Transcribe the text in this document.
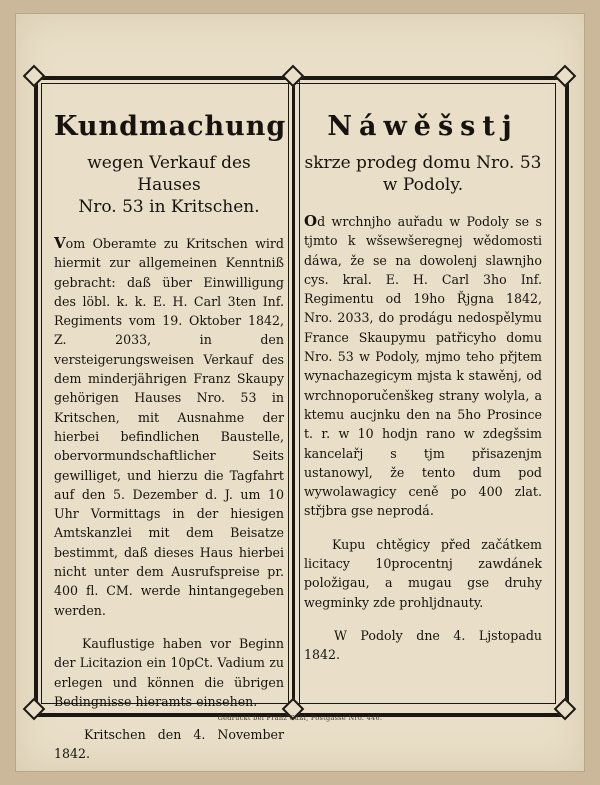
Kundmachung
wegen Verkauf des Hauses
Nro. 53 in Kritschen.

Vom Oberamte zu Kritschen wird hiermit zur allgemeinen Kenntniß gebracht: daß über Einwilligung des löbl. k. k. E. H. Carl 3ten Inf. Regiments vom 19. Oktober 1842, Z. 2033, in den versteigerungsweisen Verkauf des dem minderjährigen Franz Skaupy gehörigen Hauses Nro. 53 in Kritschen, mit Ausnahme der hierbei befindlichen Baustelle, obervormundschaftlicher Seits gewilliget, und hierzu die Tagfahrt auf den 5. Dezember d. J. um 10 Uhr Vormittags in der hiesigen Amtskanzlei mit dem Beisatze bestimmt, daß dieses Haus hierbei nicht unter dem Ausrufspreise pr. 400 fl. CM. werde hintangegeben werden.

Kauflustige haben vor Beginn der Licitazion ein 10pCt. Vadium zu erlegen und können die übrigen Bedingnisse hieramts einsehen.

Kritschen den 4. November 1842.

Náwěšstj
skrze prodeg domu Nro. 53
w Podoly.

Od wrchnjho auřadu w Podoly se s tjmto k wšsewšeregnej wědomosti dáwa, že se na dowolenj slawnjho cys. kral. E. H. Carl 3ho Inf. Regimentu od 19ho Řjgna 1842, Nro. 2033, do prodágu nedospělymu France Skaupymu patřicyho domu Nro. 53 w Podoly, mjmo teho přjtem wynachazegicym mjsta k stawěnj, od wrchnoporučenškeg strany wolyla, a ktemu aucjnku den na 5ho Prosince t. r. w 10 hodjn rano w zdegšsim kancelařj s tjm přisazenjm ustanowyl, že tento dum pod wywolawagicy ceně po 400 zlat. střjbra gse neprodá.

Kupu chtěgicy před začátkem licitacy 10procentnj zawdánek položigau, a mugau gse druhy wegminky zde prohljdnauty.

W Podoly dne 4. Ljstopadu 1842.

Gedruckt bei Franz Gaßl, Postgasse Nro. 446.
